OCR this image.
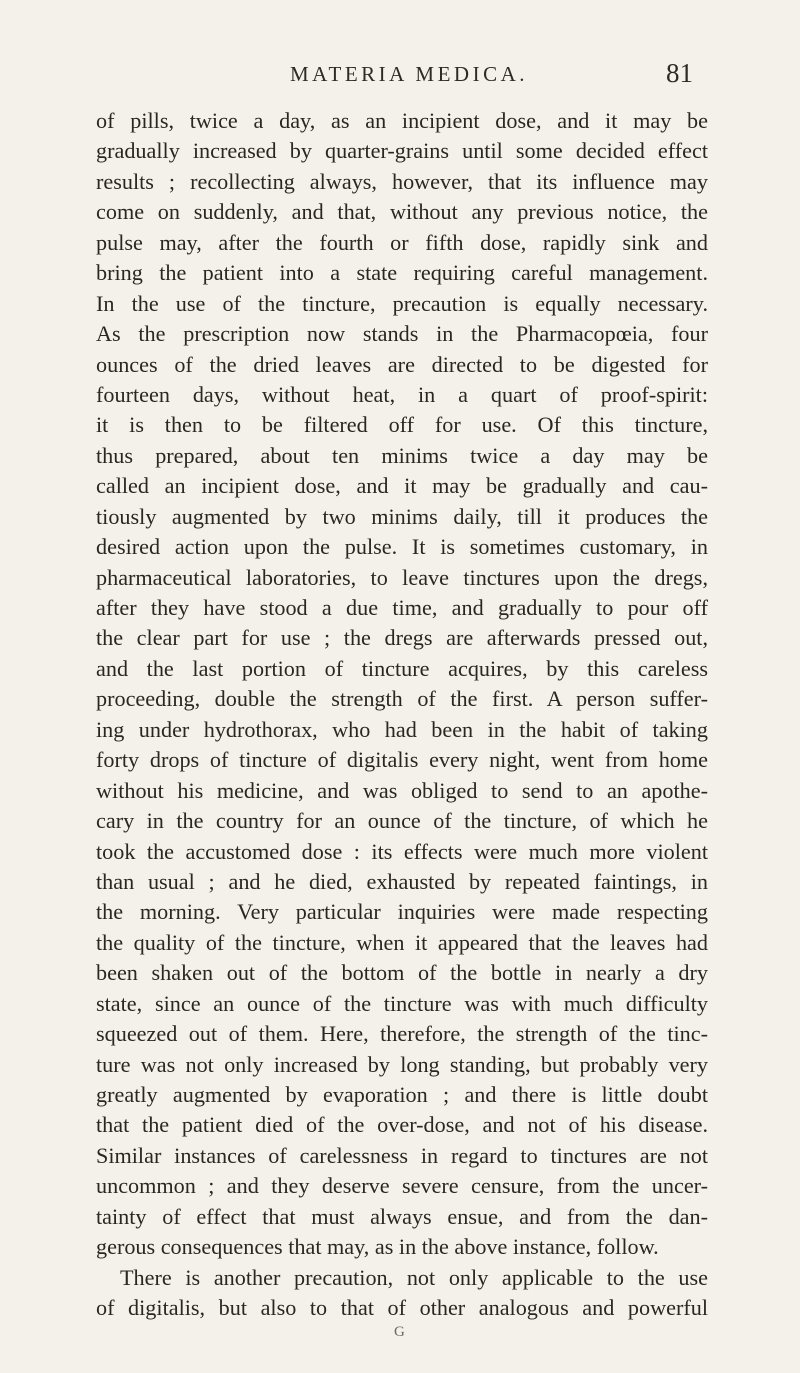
MATERIA MEDICA.	81
of pills, twice a day, as an incipient dose, and it may be
gradually increased by quarter-grains until some decided effect
results ; recollecting always, however, that its influence may
come on suddenly, and that, without any previous notice, the
pulse may, after the fourth or fifth dose, rapidly sink and
bring the patient into a state requiring careful management.
In the use of the tincture, precaution is equally necessary.
As the prescription now stands in the Pharmacopœia, four
ounces of the dried leaves are directed to be digested for
fourteen days, without heat, in a quart of proof-spirit:
it is then to be filtered off for use. Of this tincture,
thus prepared, about ten minims twice a day may be
called an incipient dose, and it may be gradually and cau-
tiously augmented by two minims daily, till it produces the
desired action upon the pulse. It is sometimes customary, in
pharmaceutical laboratories, to leave tinctures upon the dregs,
after they have stood a due time, and gradually to pour off
the clear part for use ; the dregs are afterwards pressed out,
and the last portion of tincture acquires, by this careless
proceeding, double the strength of the first. A person suffer-
ing under hydrothorax, who had been in the habit of taking
forty drops of tincture of digitalis every night, went from home
without his medicine, and was obliged to send to an apothe-
cary in the country for an ounce of the tincture, of which he
took the accustomed dose : its effects were much more violent
than usual ; and he died, exhausted by repeated faintings, in
the morning. Very particular inquiries were made respecting
the quality of the tincture, when it appeared that the leaves had
been shaken out of the bottom of the bottle in nearly a dry
state, since an ounce of the tincture was with much difficulty
squeezed out of them. Here, therefore, the strength of the tinc-
ture was not only increased by long standing, but probably very
greatly augmented by evaporation ; and there is little doubt
that the patient died of the over-dose, and not of his disease.
Similar instances of carelessness in regard to tinctures are not
uncommon ; and they deserve severe censure, from the uncer-
tainty of effect that must always ensue, and from the dan-
gerous consequences that may, as in the above instance, follow.
There is another precaution, not only applicable to the use
of digitalis, but also to that of other analogous and powerful
G
